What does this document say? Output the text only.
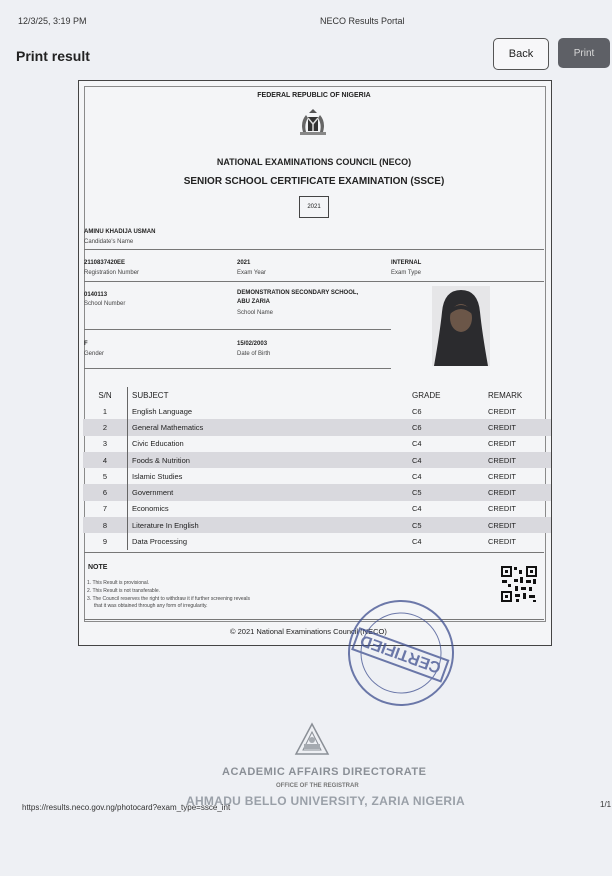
12/3/25, 3:19 PM	NECO Results Portal
Print result	Back	Print
FEDERAL REPUBLIC OF NIGERIA
NATIONAL EXAMINATIONS COUNCIL (NECO)
SENIOR SCHOOL CERTIFICATE EXAMINATION (SSCE)
2021
AMINU KHADIJA USMAN
Candidate's Name
2110837420EE
Registration Number
2021
Exam Year
INTERNAL
Exam Type
0140113
School Number
DEMONSTRATION SECONDARY SCHOOL,
ABU ZARIA
School Name
F
Gender
15/02/2003
Date of Birth
S/N	SUBJECT	GRADE	REMARK
1	English Language	C6	CREDIT
2	General Mathematics	C6	CREDIT
3	Civic Education	C4	CREDIT
4	Foods & Nutrition	C4	CREDIT
5	Islamic Studies	C4	CREDIT
6	Government	C5	CREDIT
7	Economics	C4	CREDIT
8	Literature In English	C5	CREDIT
9	Data Processing	C4	CREDIT
NOTE
1. This Result is provisional.
2. This Result is not transferable.
3. The Council reserves the right to withdraw it if further screening reveals
that it was obtained through any form of irregularity.
© 2021 National Examinations Council (NECO)
CERTIFIED
ACADEMIC AFFAIRS DIRECTORATE
OFFICE OF THE REGISTRAR
AHMADU BELLO UNIVERSITY, ZARIA NIGERIA
https://results.neco.gov.ng/photocard?exam_type=ssce_int	1/1
